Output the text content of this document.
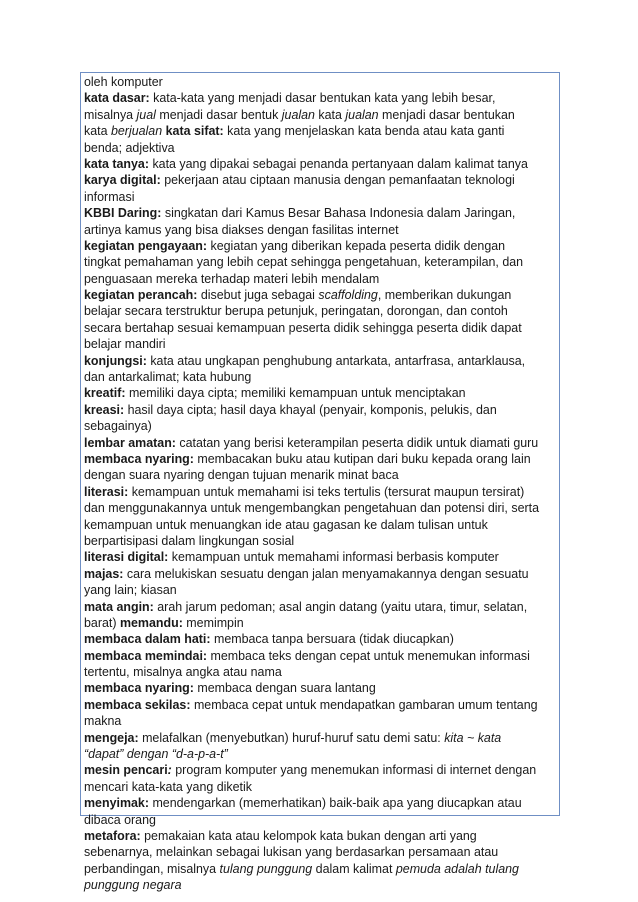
oleh komputer
kata dasar: kata-kata yang menjadi dasar bentukan kata yang lebih besar,
misalnya jual menjadi dasar bentuk jualan kata jualan menjadi dasar bentukan
kata berjualan kata sifat: kata yang menjelaskan kata benda atau kata ganti
benda; adjektiva
kata tanya: kata yang dipakai sebagai penanda pertanyaan dalam kalimat tanya
karya digital: pekerjaan atau ciptaan manusia dengan pemanfaatan teknologi
informasi
KBBI Daring: singkatan dari Kamus Besar Bahasa Indonesia dalam Jaringan,
artinya kamus yang bisa diakses dengan fasilitas internet
kegiatan pengayaan: kegiatan yang diberikan kepada peserta didik dengan
tingkat pemahaman yang lebih cepat sehingga pengetahuan, keterampilan, dan
penguasaan mereka terhadap materi lebih mendalam
kegiatan perancah: disebut juga sebagai scaffolding, memberikan dukungan
belajar secara terstruktur berupa petunjuk, peringatan, dorongan, dan contoh
secara bertahap sesuai kemampuan peserta didik sehingga peserta didik dapat
belajar mandiri
konjungsi: kata atau ungkapan penghubung antarkata, antarfrasa, antarklausa,
dan antarkalimat; kata hubung
kreatif: memiliki daya cipta; memiliki kemampuan untuk menciptakan
kreasi: hasil daya cipta; hasil daya khayal (penyair, komponis, pelukis, dan
sebagainya)
lembar amatan: catatan yang berisi keterampilan peserta didik untuk diamati guru
membaca nyaring: membacakan buku atau kutipan dari buku kepada orang lain
dengan suara nyaring dengan tujuan menarik minat baca
literasi: kemampuan untuk memahami isi teks tertulis (tersurat maupun tersirat)
dan menggunakannya untuk mengembangkan pengetahuan dan potensi diri, serta
kemampuan untuk menuangkan ide atau gagasan ke dalam tulisan untuk
berpartisipasi dalam lingkungan sosial
literasi digital: kemampuan untuk memahami informasi berbasis komputer
majas: cara melukiskan sesuatu dengan jalan menyamakannya dengan sesuatu
yang lain; kiasan
mata angin: arah jarum pedoman; asal angin datang (yaitu utara, timur, selatan,
barat) memandu: memimpin
membaca dalam hati: membaca tanpa bersuara (tidak diucapkan)
membaca memindai: membaca teks dengan cepat untuk menemukan informasi
tertentu, misalnya angka atau nama
membaca nyaring: membaca dengan suara lantang
membaca sekilas: membaca cepat untuk mendapatkan gambaran umum tentang
makna
mengeja: melafalkan (menyebutkan) huruf-huruf satu demi satu: kita ~ kata
“dapat” dengan “d-a-p-a-t”
mesin pencari: program komputer yang menemukan informasi di internet dengan
mencari kata-kata yang diketik
menyimak: mendengarkan (memerhatikan) baik-baik apa yang diucapkan atau
dibaca orang
metafora: pemakaian kata atau kelompok kata bukan dengan arti yang
sebenarnya, melainkan sebagai lukisan yang berdasarkan persamaan atau
perbandingan, misalnya tulang punggung dalam kalimat pemuda adalah tulang
punggung negara
